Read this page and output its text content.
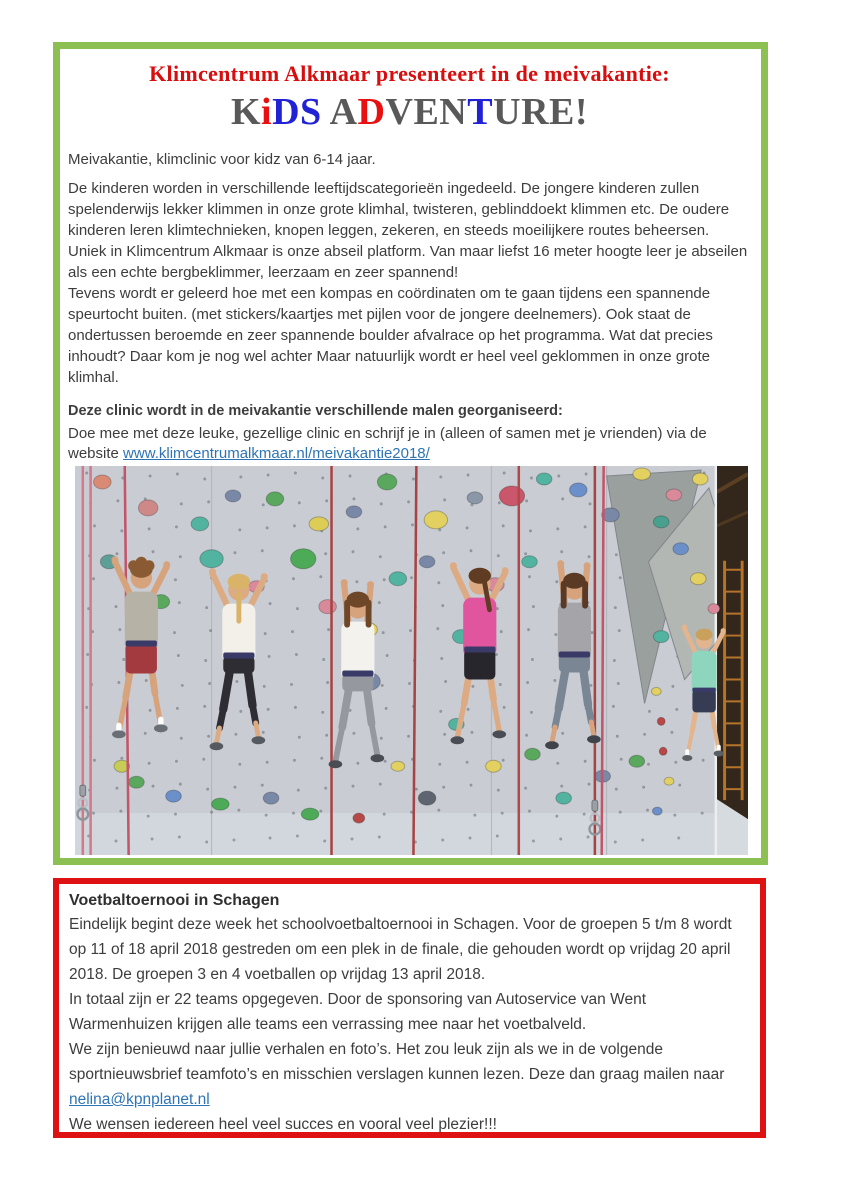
Klimcentrum Alkmaar presenteert in de meivakantie:
KiDS ADVENTURE!

Meivakantie, klimclinic voor kidz van 6-14 jaar.

De kinderen worden in verschillende leeftijdscategorieën ingedeeld. De jongere kinderen zullen spelenderwijs lekker klimmen in onze grote klimhal, twisteren, geblinddoekt klimmen etc. De oudere kinderen leren klimtechnieken, knopen leggen, zekeren, en steeds moeilijkere routes beheersen. Uniek in Klimcentrum Alkmaar is onze abseil platform. Van maar liefst 16 meter hoogte leer je abseilen als een echte bergbeklimmer, leerzaam en zeer spannend!

Tevens wordt er geleerd hoe met een kompas en coördinaten om te gaan tijdens een spannende speurtocht buiten. (met stickers/kaartjes met pijlen voor de jongere deelnemers). Ook staat de ondertussen beroemde en zeer spannende boulder afvalrace op het programma. Wat dat precies inhoudt? Daar kom je nog wel achter Maar natuurlijk wordt er heel veel geklommen in onze grote klimhal.

Deze clinic wordt in de meivakantie verschillende malen georganiseerd:

Doe mee met deze leuke, gezellige clinic en schrijf je in (alleen of samen met je vrienden) via de website www.klimcentrumalkmaar.nl/meivakantie2018/

Voetbaltoernooi in Schagen

Eindelijk begint deze week het schoolvoetbaltoernooi in Schagen. Voor de groepen 5 t/m 8 wordt op 11 of 18 april 2018 gestreden om een plek in de finale, die gehouden wordt op vrijdag 20 april 2018. De groepen 3 en 4 voetballen op vrijdag 13 april 2018.

In totaal zijn er 22 teams opgegeven. Door de sponsoring van Autoservice van Went Warmenhuizen krijgen alle teams een verrassing mee naar het voetbalveld.

We zijn benieuwd naar jullie verhalen en foto’s. Het zou leuk zijn als we in de volgende sportnieuwsbrief teamfoto’s en misschien verslagen kunnen lezen. Deze dan graag mailen naar

nelina@kpnplanet.nl

We wensen iedereen heel veel succes en vooral veel plezier!!!
